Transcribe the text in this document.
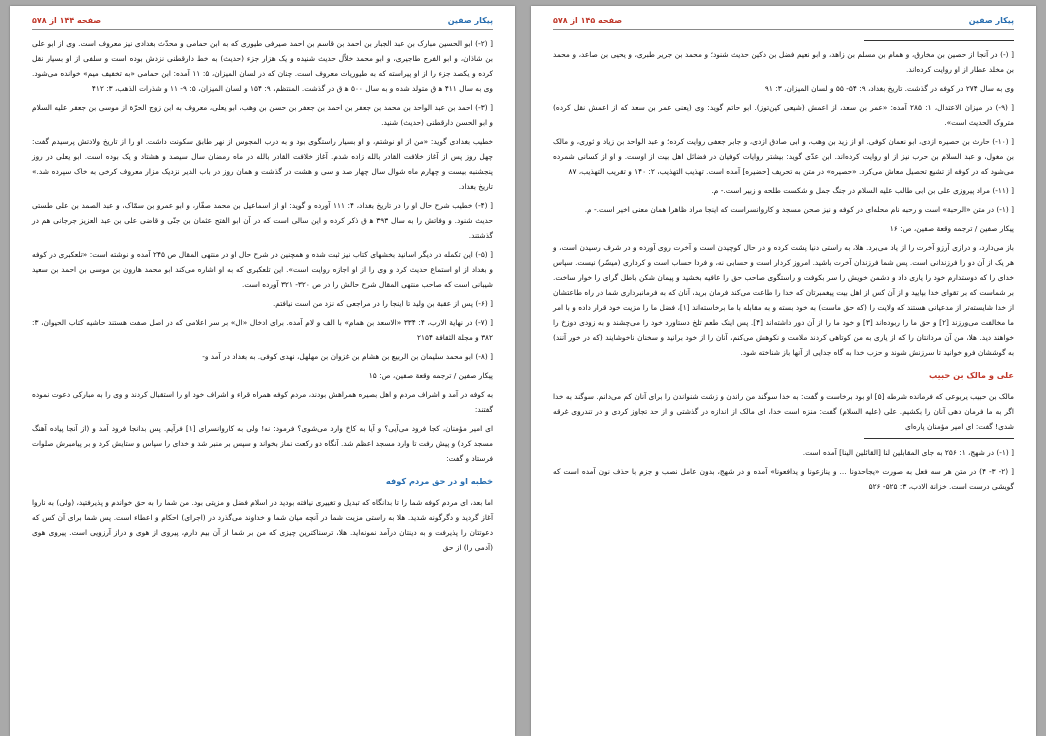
پیکار صفین
صفحه ۱۴۴ از ۵۷۸

[ (۲-) ابو الحسین مبارک بن عبد الجبار بن احمد بن قاسم بن احمد صیرفی طیوری که به ابن حمامی و محدّث بغدادی نیز معروف است. وی از ابو علی بن شاذان، و ابو الفرج طاجیری، و ابو محمد خلاّل حدیث شنیده و یک هزار جزء (حدیث) به خط دارقطنی نزدش بوده است و سلفی از او بسیار نقل کرده و یکصد جزء را از او پیراسته که به طیوریات معروف است. چنان که در لسان المیزان، ۵: ۱۱ آمده: ابن حمامی «به تخفیف میم» خوانده می‌شود. وی به سال ۴۱۱ ه‍ ق متولد شده و به سال ۵۰۰ ه‍ ق در گذشت. المنتظم، ۹: ۱۵۴ و لسان المیزان، ۵: ۹- ۱۱ و شذرات الذهب، ۳: ۴۱۲

[ (۳-) احمد بن عبد الواحد بن محمد بن جعفر بن احمد بن جعفر بن حسن بن وهب، ابو یعلی، معروف به ابن زوج الحرّة از موسی بن جعفر علیه السلام و ابو الحسن دارقطنی (حدیث) شنید.

خطیب بغدادی گوید: «من از او نوشتم، و او بسیار راستگوی بود و به درب المجوس از نهر طابق سکونت داشت. او را از تاریخ ولادتش پرسیدم گفت: چهل روز پس از آغاز خلافت القادر بالله زاده شدم. آغاز خلافت القادر بالله در ماه رمضان سال سیصد و هشتاد و یک بوده است. ابو یعلی در روز پنجشنبه بیست و چهارم ماه شوال سال چهار صد و سی و هشت در گذشت و همان روز در باب الدیر نزدیک مزار معروف کرخی به خاک سپرده شد.» تاریخ بغداد.

[ (۴-) خطیب شرح حال او را در تاریخ بغداد، ۴: ۱۱۱ آورده و گوید: او از اسماعیل بن محمد صفّار، و ابو عمرو بن سمّاک، و عبد الصمد بن علی طستی حدیث شنود. و وفاتش را به سال ۳۹۳ ه‍ ق ذکر کرده و این سالی است که در آن ابو الفتح عثمان بن جنّی و قاضی علی بن عبد العزیز جرجانی هم در گذشتند.

[ (۵-) این تکمله در دیگر اسانید بخشهای کتاب نیز ثبت شده و همچنین در شرح حال او در منتهی المقال ص ۲۴۵ آمده و نوشته است: «تلعکبری در کوفه و بغداد از او استماع حدیث کرد و وی را از او اجازه روایت است». این تلعکبری که به او اشاره می‌کند ابو محمد هارون بن موسی بن احمد بن سعید شیبانی است که صاحب منتهی المقال شرح حالش را در ص ۳۲۰- ۳۲۱ آورده است.

[ (۶-) پس از عقبة بن ولید تا اینجا را در مراجعی که نزد من است نیافتم.

[ (۷-) در نهایة الارب، ۴: ۳۳۴ «الاسعد بن همام» با الف و لام آمده. برای ادخال «ال» بر سر اعلامی که در اصل صفت هستند حاشیه کتاب الحیوان، ۳: ۳۸۲ و مجلة الثقافة ۲۱۵۴

[ (۸-) ابو محمد سلیمان بن الربیع بن هشام بن غزوان بن مهلهل، نهدی کوفی. به بغداد در آمد و-

پیکار صفین / ترجمه وقعة صفین، ص: ۱۵

به کوفه در آمد و اشراف مردم و اهل بصیره همراهش بودند، مردم کوفه همراه قراء و اشراف خود او را استقبال کردند و وی را به مبارکی دعوت نموده گفتند:

ای امیر مؤمنان، کجا فرود می‌آیی؟ و آیا به کاخ وارد می‌شوی؟ فرمود: نه! ولی به کاروانسرای [۱] فرآیم. پس بدانجا فرود آمد و (از آنجا پیاده آهنگ مسجد کرد) و پیش رفت تا وارد مسجد اعظم شد. آنگاه دو رکعت نماز بخواند و سپس بر منبر شد و خدای را سپاس و ستایش کرد و بر پیامبرش صلوات فرستاد و گفت:

خطبه او در حق مردم کوفه

اما بعد، ای مردم کوفه شما را تا بدانگاه که تبدیل و تغییری نیافته بودید در اسلام فضل و مزیتی بود. من شما را به حق خواندم و پذیرفتید، (ولی) به ناروا آغاز گردید و دگرگونه شدید. هلا به راستی مزیت شما در آنچه میان شما و خداوند می‌گذرد در (اجرای) احکام و اعطاء است. پس شما برای آن کس که دعوتتان را پذیرفت و به دینتان درآمد نمونه‌اید. هلا، ترسناکترین چیزی که من بر شما از آن بیم دارم، پیروی از هوی و دراز آرزویی است. پیروی هوی (آدمی را) از حق

پیکار صفین
صفحه ۱۴۵ از ۵۷۸

[ (-) در آنجا از حصین بن مخارق، و همام بن مسلم بن زاهد، و ابو نعیم فضل بن دکین حدیث شنود؛ و محمد بن جریر طبری، و یحیی بن صاعد، و محمد بن مخلد عطار از او روایت کرده‌اند.

وی به سال ۲۷۴ در کوفه در گذشت. تاریخ بغداد، ۹: ۵۴- ۵۵ و لسان المیزان، ۳: ۹۱

[ (۹-) در میزان الاعتدال، ۱: ۲۸۵ آمده: «عمر بن سعد، از اعمش (شیعی کین‌توز). ابو حاتم گوید: وی (یعنی عمر بن سعد که از اعمش نقل کرده) متروک الحدیث است».

[ (۱۰-) حارث بن حصیره ازدی، ابو نعمان کوفی. او از زید بن وهب، و ابی صادق ازدی، و جابر جعفی روایت کرده؛ و عبد الواحد بن زیاد و ثوری، و مالک بن مغول، و عبد السلام بن حرب نیز از او روایت کرده‌اند. ابن عدّی گوید: بیشتر روایات کوفیان در فضائل اهل بیت از اوست. و او از کسانی شمرده می‌شود که در کوفه از تشیع تحصیل معاش می‌کرد. «حصیره» در متن به تحریف [حضیره] آمده است. تهذیب التهذیب، ۲: ۱۴۰ و تقریب التهذیب، ۸۷

[ (۱۱-) مراد پیروزی علی بن ابی طالب علیه السلام در جنگ جمل و شکست طلحه و زبیر است.- م.

[ (۱-) در متن «الرحبة» است و رحبه نام محله‌ای در کوفه و نیز صحن مسجد و کاروانسراست که اینجا مراد ظاهرا همان معنی اخیر است.- م.

پیکار صفین / ترجمه وقعة صفین، ص: ۱۶

باز می‌دارد، و درازی آرزو آخرت را از یاد می‌برد. هلا، به راستی دنیا پشت کرده و در حال کوچیدن است و آخرت روی آورده و در شرف رسیدن است، و هر یک از آن دو را فرزندانی است. پس شما فرزندان آخرت باشید. امروز کردار است و حسابی نه، و فردا حساب است و کرداری (میسّر) نیست. سپاس خدای را که دوستدارم خود را یاری داد و دشمن خویش را سر بکوفت و راستگوی صاحب حق را عافیه بخشید و پیمان شکن باطل گرای را خوار ساخت. بر شماست که بر تقوای خدا بپایید و از آن کس از اهل بیت پیغمبرتان که خدا را طاعت می‌کند فرمان برید، آنان که به فرمانبرداری شما در راه طاعتشان از خدا شایسته‌تر از مدعیانی هستند که ولایت را (که حق ماست) به خود بسته و به مقابله با ما برخاسته‌اند [۱]، فضل ما را مزیت خود قرار داده و با امر ما مخالفت می‌ورزند [۲] و حق ما را ربوده‌اند [۳] و خود ما را از آن دور داشته‌اند [۴]. پس اینک طعم تلخ دستاورد خود را می‌چشند و به زودی دوزخ را خواهند دید. هلا، من آن مردانتان را که از یاری به من کوتاهی کردند ملامت و نکوهش می‌کنم، آنان را از خود برانید و سخنان ناخوشایند (که در خور آنند) به گوششان فرو خوانید تا سرزنش شوند و حزب خدا به گاه جدایی از آنها باز شناخته شود.

علی و مالک بن حبیب

مالک بن حبیب یربوعی که فرمانده شرطه [۵] او بود برخاست و گفت: به خدا سوگند من راندن و زشت شنواندن را برای آنان کم می‌دانم. سوگند به خدا اگر به ما فرمان دهی آنان را بکشیم. علی (علیه السلام) گفت: منزه است خدا، ای مالک از اندازه در گذشتی و از حد تجاوز کردی و در تندروی غرقه شدی! گفت: ای امیر مؤمنان پاره‌ای

[ (۱-) در شهج، ۱: ۲۵۶ به جای المقابلین لنا [القائلین الینا] آمده است.

[ (۲- ۳- ۴) در متن هر سه فعل به صورت «یجاحدونا ... و ینازعونا و یدافعونا» آمده و در شهج، بدون عامل نصب و جزم با حذف نون آمده است که گویشی درست است. خزانة الادب، ۳: ۵۲۵- ۵۲۶
